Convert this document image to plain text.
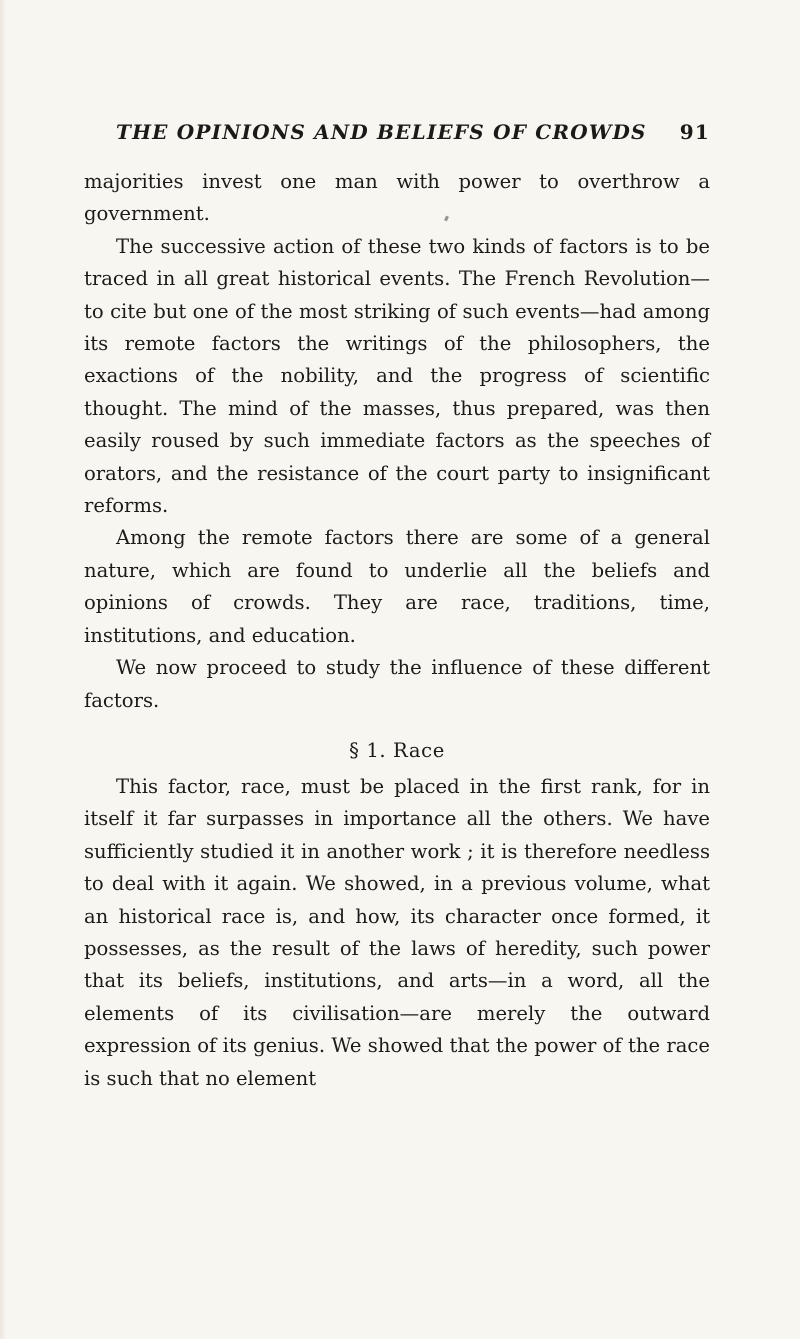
THE OPINIONS AND BELIEFS OF CROWDS 91

majorities invest one man with power to overthrow a government.

The successive action of these two kinds of factors is to be traced in all great historical events. The French Revolution—to cite but one of the most striking of such events—had among its remote factors the writings of the philosophers, the exactions of the nobility, and the progress of scientific thought. The mind of the masses, thus prepared, was then easily roused by such immediate factors as the speeches of orators, and the resistance of the court party to insignificant reforms.

Among the remote factors there are some of a general nature, which are found to underlie all the beliefs and opinions of crowds. They are race, traditions, time, institutions, and education.

We now proceed to study the influence of these different factors.

§ 1. Race

This factor, race, must be placed in the first rank, for in itself it far surpasses in importance all the others. We have sufficiently studied it in another work ; it is therefore needless to deal with it again. We showed, in a previous volume, what an historical race is, and how, its character once formed, it possesses, as the result of the laws of heredity, such power that its beliefs, institutions, and arts—in a word, all the elements of its civilisation—are merely the outward expression of its genius. We showed that the power of the race is such that no element
